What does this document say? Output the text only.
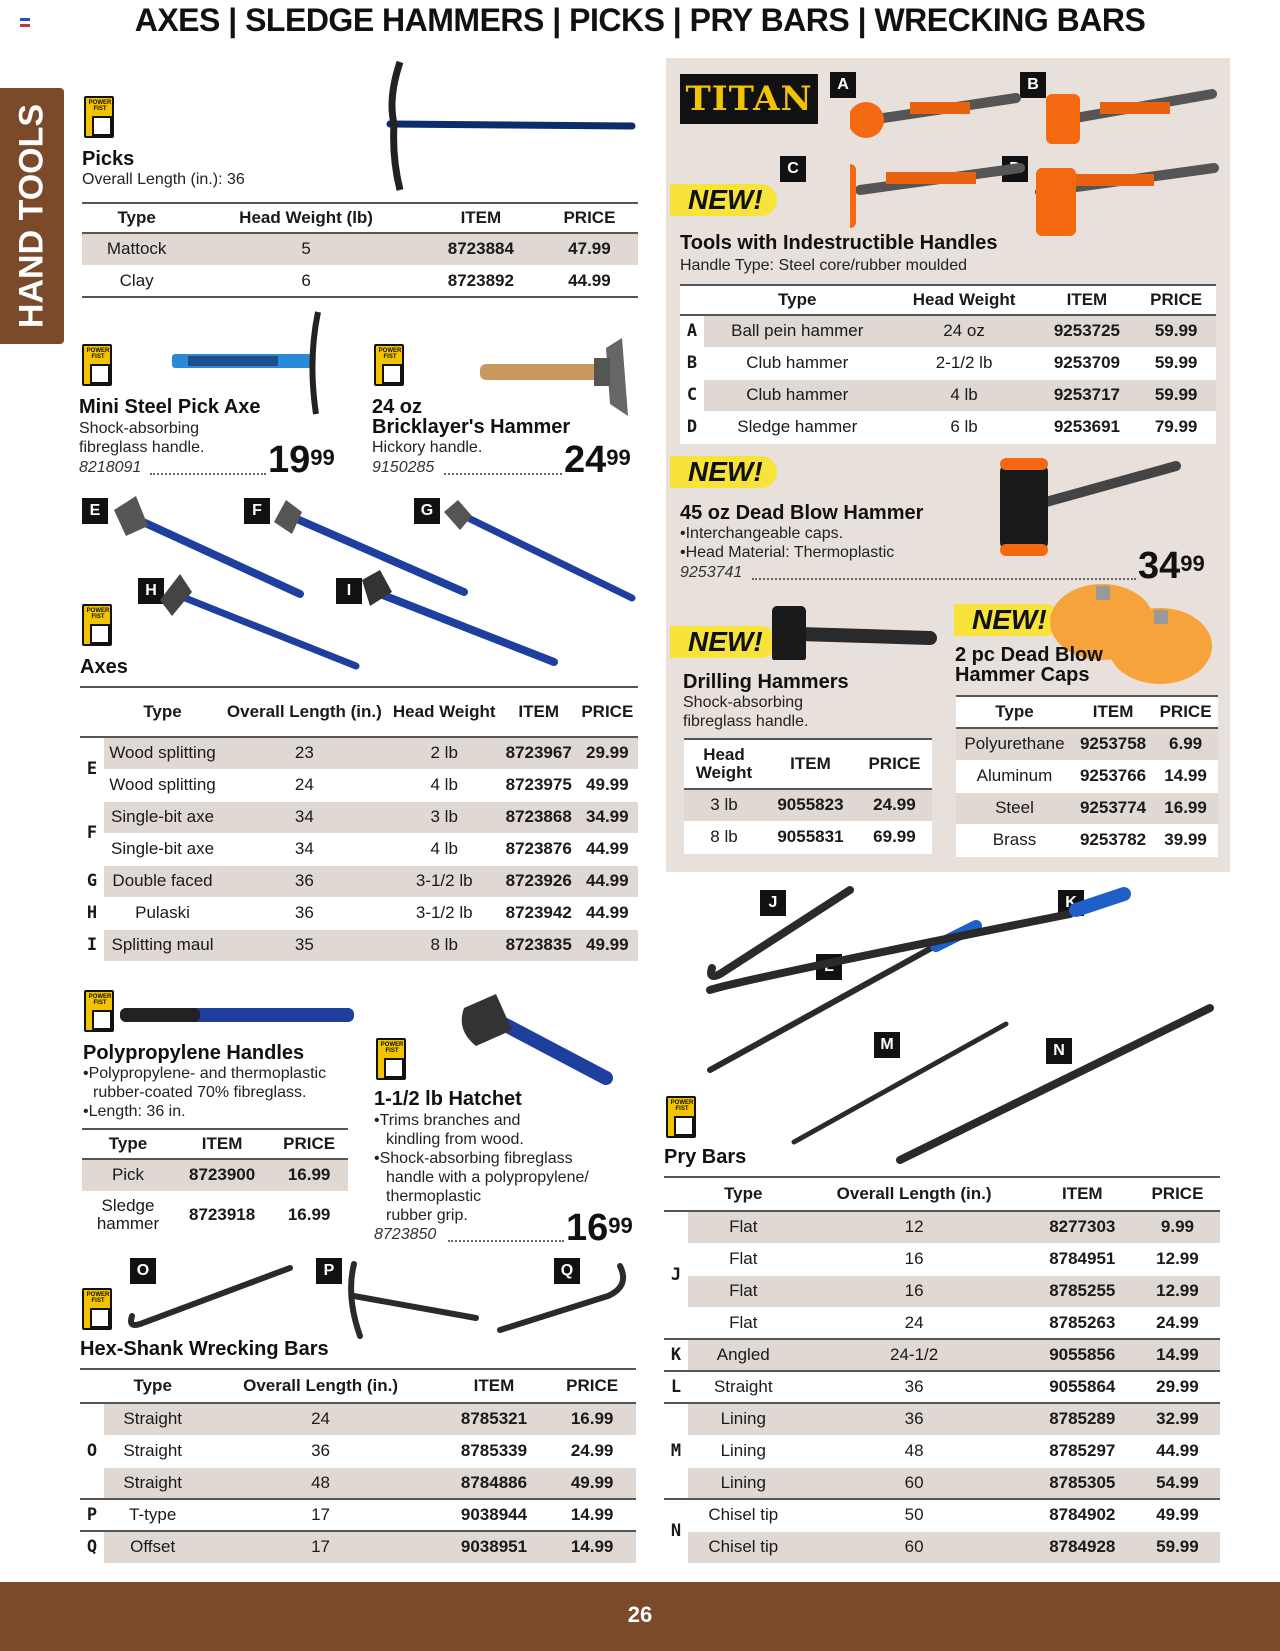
AXES | SLEDGE HAMMERS | PICKS | PRY BARS | WRECKING BARS
HAND TOOLS
POWER FIST Picks
Overall Length (in.): 36
Type	Head Weight (lb)	ITEM	PRICE
Mattock	5	8723884	47.99
Clay	6	8723892	44.99
POWER FIST
Mini Steel Pick Axe
Shock-absorbing
fibreglass handle.
8218091	$19^{99}$
POWER FIST
24 oz
Bricklayer's Hammer
Hickory handle.
9150285	$24^{99}$
E	F	G
H	I
POWER FIST
Axes
	Type	Overall Length (in.)	Head Weight	ITEM	PRICE
E	Wood splitting	23	2 lb	8723967	29.99
	Wood splitting	24	4 lb	8723975	49.99
F	Single-bit axe	34	3 lb	8723868	34.99
	Single-bit axe	34	4 lb	8723876	44.99
G	Double faced	36	3-1/2 lb	8723926	44.99
H	Pulaski	36	3-1/2 lb	8723942	44.99
I	Splitting maul	35	8 lb	8723835	49.99
POWER FIST
Polypropylene Handles
•Polypropylene- and thermoplastic
rubber-coated 70% fibreglass.
•Length: 36 in.
Type	ITEM	PRICE
Pick	8723900	16.99
Sledge hammer	8723918	16.99
POWER FIST
1-1/2 lb Hatchet
•Trims branches and
kindling from wood.
•Shock-absorbing fibreglass
handle with a polypropylene/
thermoplastic
rubber grip.
8723850	$16^{99}$
O	P	Q
POWER FIST
Hex-Shank Wrecking Bars
	Type	Overall Length (in.)	ITEM	PRICE
O	Straight	24	8785321	16.99
	Straight	36	8785339	24.99
	Straight	48	8784886	49.99
P	T-type	17	9038944	14.99
Q	Offset	17	9038951	14.99
TITAN	A	B
C
NEW!
Tools with Indestructible Handles
Handle Type: Steel core/rubber moulded
	Type	Head Weight	ITEM	PRICE
A	Ball pein hammer	24 oz	9253725	59.99
B	Club hammer	2-1/2 lb	9253709	59.99
C	Club hammer	4 lb	9253717	59.99
D	Sledge hammer	6 lb	9253691	79.99
NEW!
45 oz Dead Blow Hammer
•Interchangeable caps.
•Head Material: Thermoplastic
9253741	$34^{99}$
NEW!
Drilling Hammers
Shock-absorbing
fibreglass handle.
Head Weight	ITEM	PRICE
3 lb	9055823	24.99
8 lb	9055831	69.99
NEW!
2 pc Dead Blow
Hammer Caps
Type	ITEM	PRICE
Polyurethane	9253758	6.99
Aluminum	9253766	14.99
Steel	9253774	16.99
Brass	9253782	39.99
J	K
L
M	N
POWER FIST
Pry Bars
	Type	Overall Length (in.)	ITEM	PRICE
J	Flat	12	8277303	9.99
	Flat	16	8784951	12.99
	Flat	16	8785255	12.99
	Flat	24	8785263	24.99
K	Angled	24-1/2	9055856	14.99
L	Straight	36	9055864	29.99
M	Lining	36	8785289	32.99
	Lining	48	8785297	44.99
	Lining	60	8785305	54.99
N	Chisel tip	50	8784902	49.99
	Chisel tip	60	8784928	59.99
26
